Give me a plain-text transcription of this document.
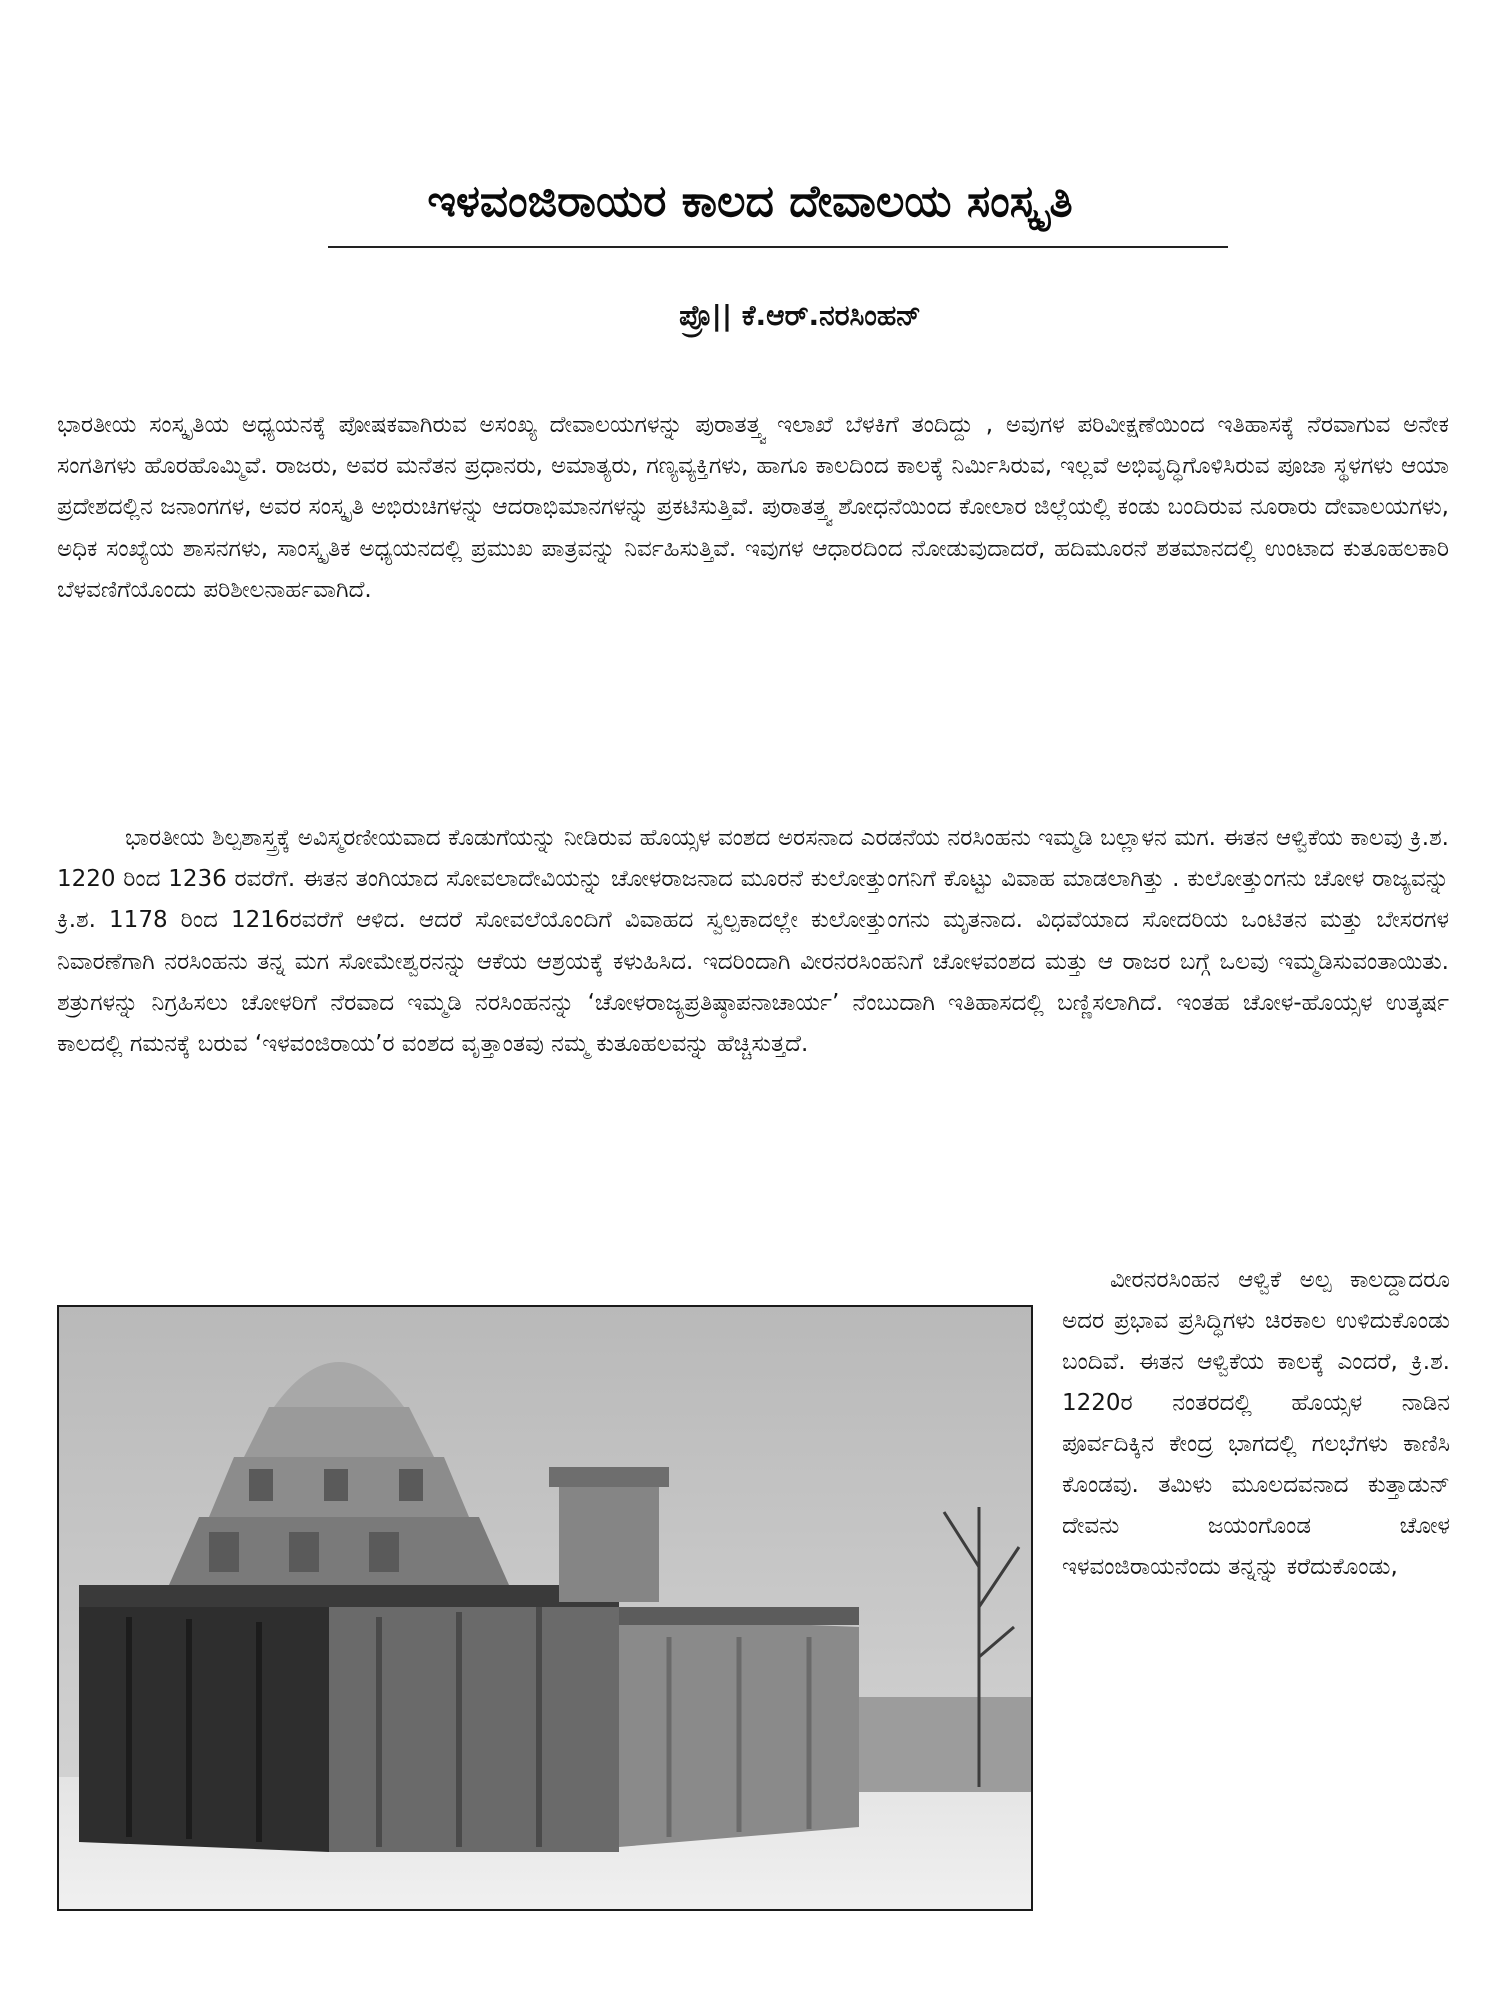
ಇಳವಂಜಿರಾಯರ ಕಾಲದ ದೇವಾಲಯ ಸಂಸ್ಕೃತಿ
ಪ್ರೊ|| ಕೆ.ಆರ್.ನರಸಿಂಹನ್

ಭಾರತೀಯ ಸಂಸ್ಕೃತಿಯ ಅಧ್ಯಯನಕ್ಕೆ ಪೋಷಕವಾಗಿರುವ ಅಸಂಖ್ಯ ದೇವಾಲಯಗಳನ್ನು ಪುರಾತತ್ತ್ವ ಇಲಾಖೆ ಬೆಳಕಿಗೆ ತಂದಿದ್ದು , ಅವುಗಳ ಪರಿವೀಕ್ಷಣೆಯಿಂದ ಇತಿಹಾಸಕ್ಕೆ ನೆರವಾಗುವ ಅನೇಕ ಸಂಗತಿಗಳು ಹೊರಹೊಮ್ಮಿವೆ. ರಾಜರು, ಅವರ ಮನೆತನ ಪ್ರಧಾನರು, ಅಮಾತ್ಯರು, ಗಣ್ಯವ್ಯಕ್ತಿಗಳು, ಹಾಗೂ ಕಾಲದಿಂದ ಕಾಲಕ್ಕೆ ನಿರ್ಮಿಸಿರುವ, ಇಲ್ಲವೆ ಅಭಿವೃದ್ಧಿಗೊಳಿಸಿರುವ ಪೂಜಾ ಸ್ಥಳಗಳು ಆಯಾ ಪ್ರದೇಶದಲ್ಲಿನ ಜನಾಂಗಗಳ, ಅವರ ಸಂಸ್ಕೃತಿ ಅಭಿರುಚಿಗಳನ್ನು ಆದರಾಭಿಮಾನಗಳನ್ನು ಪ್ರಕಟಿಸುತ್ತಿವೆ. ಪುರಾತತ್ತ್ವ ಶೋಧನೆಯಿಂದ ಕೋಲಾರ ಜಿಲ್ಲೆಯಲ್ಲಿ ಕಂಡು ಬಂದಿರುವ ನೂರಾರು ದೇವಾಲಯಗಳು, ಅಧಿಕ ಸಂಖ್ಯೆಯ ಶಾಸನಗಳು, ಸಾಂಸ್ಕೃತಿಕ ಅಧ್ಯಯನದಲ್ಲಿ ಪ್ರಮುಖ ಪಾತ್ರವನ್ನು ನಿರ್ವಹಿಸುತ್ತಿವೆ. ಇವುಗಳ ಆಧಾರದಿಂದ ನೋಡುವುದಾದರೆ, ಹದಿಮೂರನೆ ಶತಮಾನದಲ್ಲಿ ಉಂಟಾದ ಕುತೂಹಲಕಾರಿ ಬೆಳವಣಿಗೆಯೊಂದು ಪರಿಶೀಲನಾರ್ಹವಾಗಿದೆ.

ಭಾರತೀಯ ಶಿಲ್ಪಶಾಸ್ತ್ರಕ್ಕೆ ಅವಿಸ್ಮರಣೀಯವಾದ ಕೊಡುಗೆಯನ್ನು ನೀಡಿರುವ ಹೊಯ್ಸಳ ವಂಶದ ಅರಸನಾದ ಎರಡನೆಯ ನರಸಿಂಹನು ಇಮ್ಮಡಿ ಬಲ್ಲಾಳನ ಮಗ. ಈತನ ಆಳ್ವಿಕೆಯ ಕಾಲವು ಕ್ರಿ.ಶ. 1220 ರಿಂದ 1236 ರವರೆಗೆ. ಈತನ ತಂಗಿಯಾದ ಸೋವಲಾದೇವಿಯನ್ನು ಚೋಳರಾಜನಾದ ಮೂರನೆ ಕುಲೋತ್ತುಂಗನಿಗೆ ಕೊಟ್ಟು ವಿವಾಹ ಮಾಡಲಾಗಿತ್ತು . ಕುಲೋತ್ತುಂಗನು ಚೋಳ ರಾಜ್ಯವನ್ನು ಕ್ರಿ.ಶ. 1178 ರಿಂದ 1216ರವರೆಗೆ ಆಳಿದ. ಆದರೆ ಸೋವಲೆಯೊಂದಿಗೆ ವಿವಾಹದ ಸ್ವಲ್ಪಕಾದಲ್ಲೇ ಕುಲೋತ್ತುಂಗನು ಮೃತನಾದ. ವಿಧವೆಯಾದ ಸೋದರಿಯ ಒಂಟಿತನ ಮತ್ತು ಬೇಸರಗಳ ನಿವಾರಣೆಗಾಗಿ ನರಸಿಂಹನು ತನ್ನ ಮಗ ಸೋಮೇಶ್ವರನನ್ನು ಆಕೆಯ ಆಶ್ರಯಕ್ಕೆ ಕಳುಹಿಸಿದ. ಇದರಿಂದಾಗಿ ವೀರನರಸಿಂಹನಿಗೆ ಚೋಳವಂಶದ ಮತ್ತು ಆ ರಾಜರ ಬಗ್ಗೆ ಒಲವು ಇಮ್ಮಡಿಸುವಂತಾಯಿತು. ಶತ್ರುಗಳನ್ನು ನಿಗ್ರಹಿಸಲು ಚೋಳರಿಗೆ ನೆರವಾದ ಇಮ್ಮಡಿ ನರಸಿಂಹನನ್ನು ‘ಚೋಳರಾಜ್ಯಪ್ರತಿಷ್ಠಾಪನಾಚಾರ್ಯ’ ನೆಂಬುದಾಗಿ ಇತಿಹಾಸದಲ್ಲಿ ಬಣ್ಣಿಸಲಾಗಿದೆ. ಇಂತಹ ಚೋಳ-ಹೊಯ್ಸಳ ಉತ್ಕರ್ಷ ಕಾಲದಲ್ಲಿ ಗಮನಕ್ಕೆ ಬರುವ ‘ಇಳವಂಜಿರಾಯ’ರ ವಂಶದ ವೃತ್ತಾಂತವು ನಮ್ಮ ಕುತೂಹಲವನ್ನು ಹೆಚ್ಚಿಸುತ್ತದೆ.

ವೀರನರಸಿಂಹನ ಆಳ್ವಿಕೆ ಅಲ್ಪ ಕಾಲದ್ದಾದರೂ ಅದರ ಪ್ರಭಾವ ಪ್ರಸಿದ್ಧಿಗಳು ಚಿರಕಾಲ ಉಳಿದುಕೊಂಡು ಬಂದಿವೆ. ಈತನ ಆಳ್ವಿಕೆಯ ಕಾಲಕ್ಕೆ ಎಂದರೆ, ಕ್ರಿ.ಶ. 1220ರ ನಂತರದಲ್ಲಿ ಹೊಯ್ಸಳ ನಾಡಿನ ಪೂರ್ವದಿಕ್ಕಿನ ಕೇಂದ್ರ ಭಾಗದಲ್ಲಿ ಗಲಭೆಗಳು ಕಾಣಿಸಿ ಕೊಂಡವು. ತಮಿಳು ಮೂಲದವನಾದ ಕುತ್ತಾಡುನ್ ದೇವನು ಜಯಂಗೊಂಡ ಚೋಳ ಇಳವಂಜಿರಾಯನೆಂದು ತನ್ನನ್ನು ಕರೆದುಕೊಂಡು,
